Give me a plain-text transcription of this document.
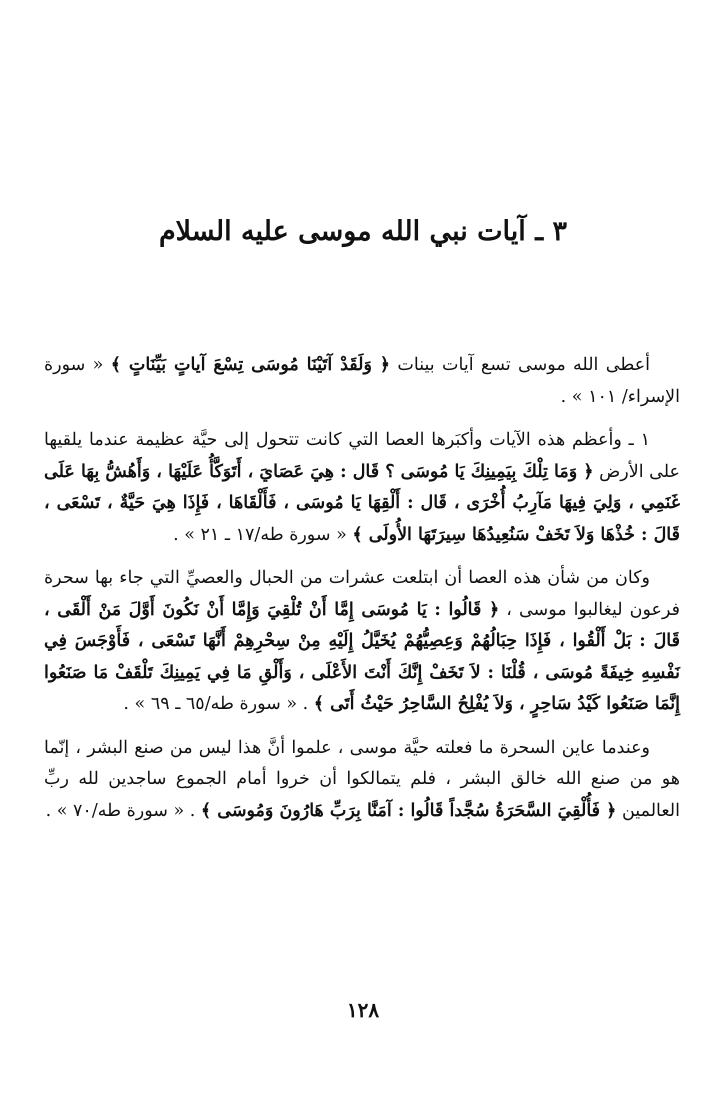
٣ ـ آيات نبي الله موسى عليه السلام

أعطى الله موسى تسع آيات بينات ﴿ وَلَقَدْ آتَيْنَا مُوسَى تِسْعَ آياتٍ بَيِّنَاتٍ ﴾ « سورة الإسراء/ ١٠١ » .

١ ـ وأعظم هذه الآيات وأكبَرها العصا التي كانت تتحول إلى حيَّة عظيمة عندما يلقيها على الأرض ﴿ وَمَا تِلْكَ بِيَمِينِكَ يَا مُوسَى ؟ قَال : هِيَ عَصَايَ ، أَتَوَكَّأُ عَلَيْهَا ، وَأَهُشُّ بِهَا عَلَى غَنَمِي ، وَلِيَ فِيهَا مَآرِبُ أُخْرَى ، قَال : أَلْقِهَا يَا مُوسَى ، فَأَلْقَاهَا ، فَإِذَا هِيَ حَيَّةٌ ، تَسْعَى ، قَالَ : خُذْهَا وَلاَ تَخَفْ سَنُعِيدُهَا سِيرَتَهَا الأُولَى ﴾ « سورة طه/١٧ ـ ٢١ » .

وكان من شأن هذه العصا أن ابتلعت عشرات من الحبال والعصيِّ التي جاء بها سحرة فرعون ليغالبوا موسى ، ﴿ قَالُوا : يَا مُوسَى إِمَّا أَنْ تُلْقِيَ وَإِمَّا أَنْ نَكُونَ أَوَّلَ مَنْ أَلْقَى ، قَالَ : بَلْ أَلْقُوا ، فَإِذَا حِبَالُهُمْ وَعِصِيُّهُمْ يُخَيَّلُ إِلَيْهِ مِنْ سِحْرِهِمْ أَنَّهَا تَسْعَى ، فَأَوْجَسَ فِي نَفْسِهِ خِيفَةً مُوسَى ، قُلْنَا : لاَ تَخَفْ إِنَّكَ أَنْتَ الأَعْلَى ، وَأَلْقِ مَا فِي يَمِينِكَ تَلْقَفْ مَا صَنَعُوا إِنَّمَا صَنَعُوا كَيْدُ سَاحِرٍ ، وَلاَ يُفْلِحُ السَّاحِرُ حَيْثُ أَتَى ﴾ . « سورة طه/٦٥ ـ ٦٩ » .

وعندما عاين السحرة ما فعلته حيَّة موسى ، علموا أنَّ هذا ليس من صنع البشر ، إنّما هو من صنع الله خالق البشر ، فلم يتمالكوا أن خروا أمام الجموع ساجدين لله ربِّ العالمين ﴿ فَأُلْقِيَ السَّحَرَةُ سُجَّداً قَالُوا : آمَنَّا بِرَبِّ هَارُونَ وَمُوسَى ﴾ . « سورة طه/٧٠ » .

١٢٨
